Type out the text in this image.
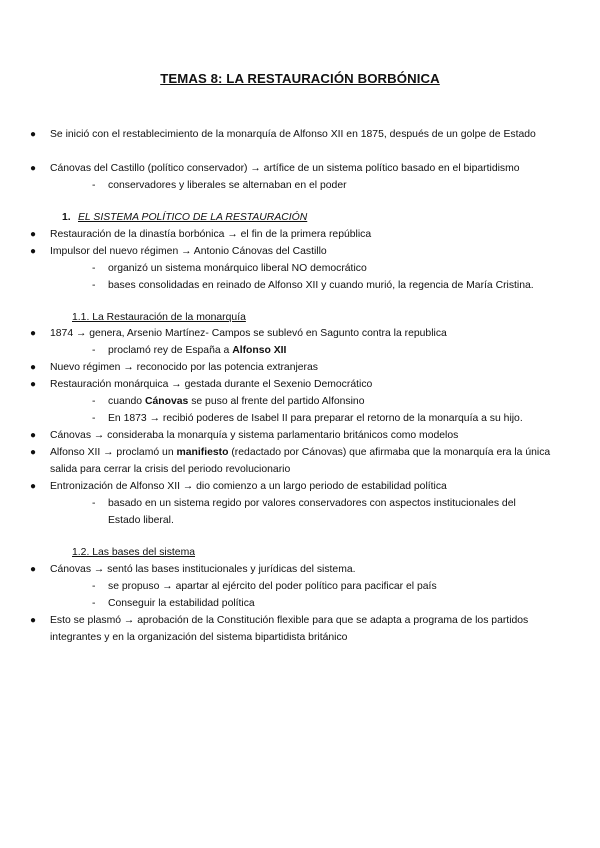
TEMAS 8: LA RESTAURACIÓN BORBÓNICA
● Se inició con el restablecimiento de la monarquía de Alfonso XII en 1875, después de un golpe de Estado
● Cánovas del Castillo (político conservador) → artífice de un sistema político basado en el bipartidismo
- conservadores y liberales se alternaban en el poder
1. EL SISTEMA POLÍTICO DE LA RESTAURACIÓN
● Restauración de la dinastía borbónica → el fin de la primera república
● Impulsor del nuevo régimen → Antonio Cánovas del Castillo
- organizó un sistema monárquico liberal NO democrático
- bases consolidadas en reinado de Alfonso XII y cuando murió, la regencia de María Cristina.
1.1. La Restauración de la monarquía
● 1874 → genera, Arsenio Martínez- Campos se sublevó en Sagunto contra la republica
- proclamó rey de España a Alfonso XII
● Nuevo régimen → reconocido por las potencia extranjeras
● Restauración monárquica → gestada durante el Sexenio Democrático
- cuando Cánovas se puso al frente del partido Alfonsino
- En 1873 → recibió poderes de Isabel II para preparar el retorno de la monarquía a su hijo.
● Cánovas → consideraba la monarquía y sistema parlamentario británicos como modelos
● Alfonso XII → proclamó un manifiesto (redactado por Cánovas) que afirmaba que la monarquía era la única salida para cerrar la crisis del periodo revolucionario
● Entronización de Alfonso XII → dio comienzo a un largo periodo de estabilidad política
- basado en un sistema regido por valores conservadores con aspectos institucionales del
Estado liberal.
1.2. Las bases del sistema
● Cánovas → sentó las bases institucionales y jurídicas del sistema.
- se propuso → apartar al ejército del poder político para pacificar el país
- Conseguir la estabilidad política
● Esto se plasmó → aprobación de la Constitución flexible para que se adapta a programa de los partidos integrantes y en la organización del sistema bipartidista británico
